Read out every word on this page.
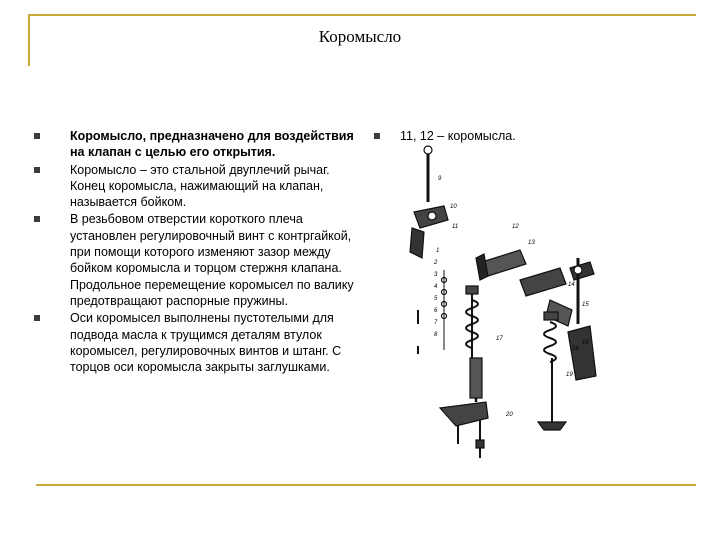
Коромысло
Коромысло, предназначено для воздействия на клапан с целью его открытия.
Коромысло – это стальной двуплечий рычаг. Конец коромысла, нажимающий на клапан, называется бойком.
В резьбовом отверстии короткого плеча установлен регулировочный винт с контргайкой, при помощи которого изменяют зазор между бойком коромысла и торцом стержня клапана. Продольное перемещение коромысел по валику предотвращают распорные пружины.
Оси коромысел выполнены пустотелыми для подвода масла к трущимся деталям втулок коромысел, регулировочных винтов и штанг. С торцов оси коромысла закрыты заглушками.
11, 12 – коромысла.
9
10
11	12
13
14
15
16
17
18
19
20
1
2
3
4
5
6
7
8
